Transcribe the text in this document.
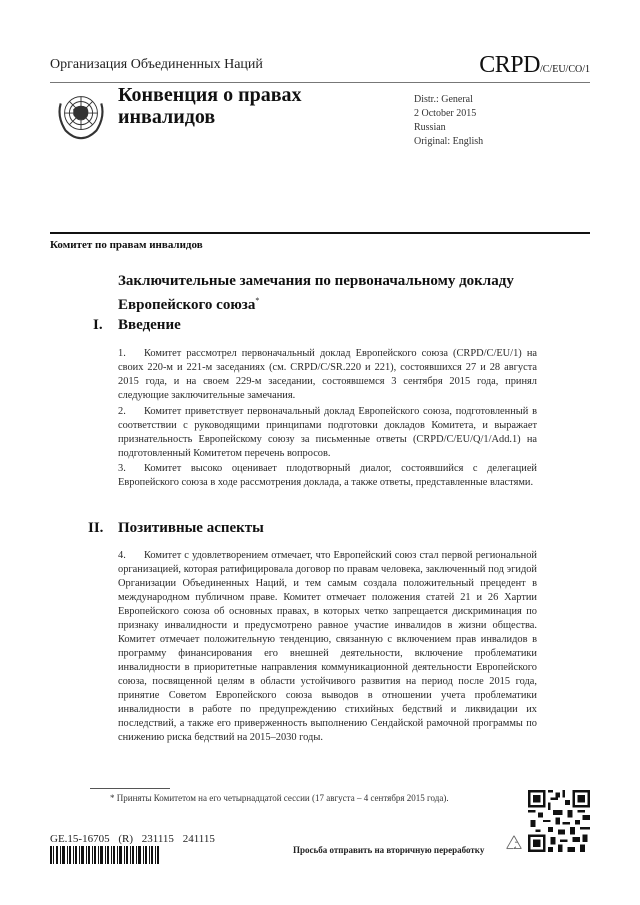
Организация Объединенных Наций	CRPD/C/EU/CO/1
Конвенция о правах
инвалидов
Distr.: General
2 October 2015
Russian
Original: English
Комитет по правам инвалидов
Заключительные замечания по первоначальному докладу
Европейского союза*
I. Введение
1. Комитет рассмотрел первоначальный доклад Европейского союза (CRPD/C/EU/1) на своих 220-м и 221-м заседаниях (см. CRPD/C/SR.220 и 221), состоявшихся 27 и 28 августа 2015 года, и на своем 229-м заседании, состоявшемся 3 сентября 2015 года, принял следующие заключительные замечания.
2. Комитет приветствует первоначальный доклад Европейского союза, подготовленный в соответствии с руководящими принципами подготовки докладов Комитета, и выражает признательность Европейскому союзу за письменные ответы (CRPD/C/EU/Q/1/Add.1) на подготовленный Комитетом перечень вопросов.
3. Комитет высоко оценивает плодотворный диалог, состоявшийся с делегацией Европейского союза в ходе рассмотрения доклада, а также ответы, представленные властями.
II. Позитивные аспекты
4. Комитет с удовлетворением отмечает, что Европейский союз стал первой региональной организацией, которая ратифицировала договор по правам человека, заключенный под эгидой Организации Объединенных Наций, и тем самым создала положительный прецедент в международном публичном праве. Комитет отмечает положения статей 21 и 26 Хартии Европейского союза об основных правах, в которых четко запрещается дискриминация по признаку инвалидности и предусмотрено равное участие инвалидов в жизни общества. Комитет отмечает положительную тенденцию, связанную с включением прав инвалидов в программу финансирования его внешней деятельности, включение проблематики инвалидности в приоритетные направления коммуникационной деятельности Европейского союза, посвященной целям в области устойчивого развития на период после 2015 года, принятие Советом Европейского союза выводов в отношении учета проблематики инвалидности в работе по предупреждению стихийных бедствий и ликвидации их последствий, а также его приверженность выполнению Сендайской рамочной программы по снижению риска бедствий на 2015–2030 годы.
* Приняты Комитетом на его четырнадцатой сессии (17 августа – 4 сентября 2015 года).
GE.15-16705 (R) 231115 241115
Просьба отправить на вторичную переработку
